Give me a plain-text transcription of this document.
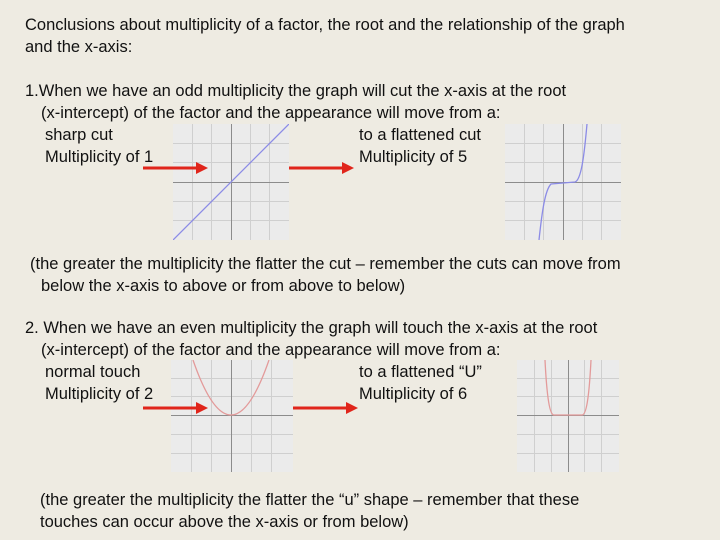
Conclusions about multiplicity of a factor, the root and the relationship of the graph

and the x-axis:

1.When we have an odd multiplicity the graph will cut the x-axis at the root

(x-intercept) of the factor and the appearance will move from a:

sharp cut

Multiplicity of 1

to a flattened cut

Multiplicity of 5

(the greater the multiplicity the flatter the cut – remember the cuts can move from

below the x-axis to above or from above to below)

2. When we have an even multiplicity the graph will touch the x-axis at the root

(x-intercept) of the factor and the appearance will move from a:

normal touch

Multiplicity of 2

to a flattened “U”

Multiplicity of 6

(the greater the multiplicity the flatter the “u” shape – remember that these

touches can occur above the x-axis or from below)
